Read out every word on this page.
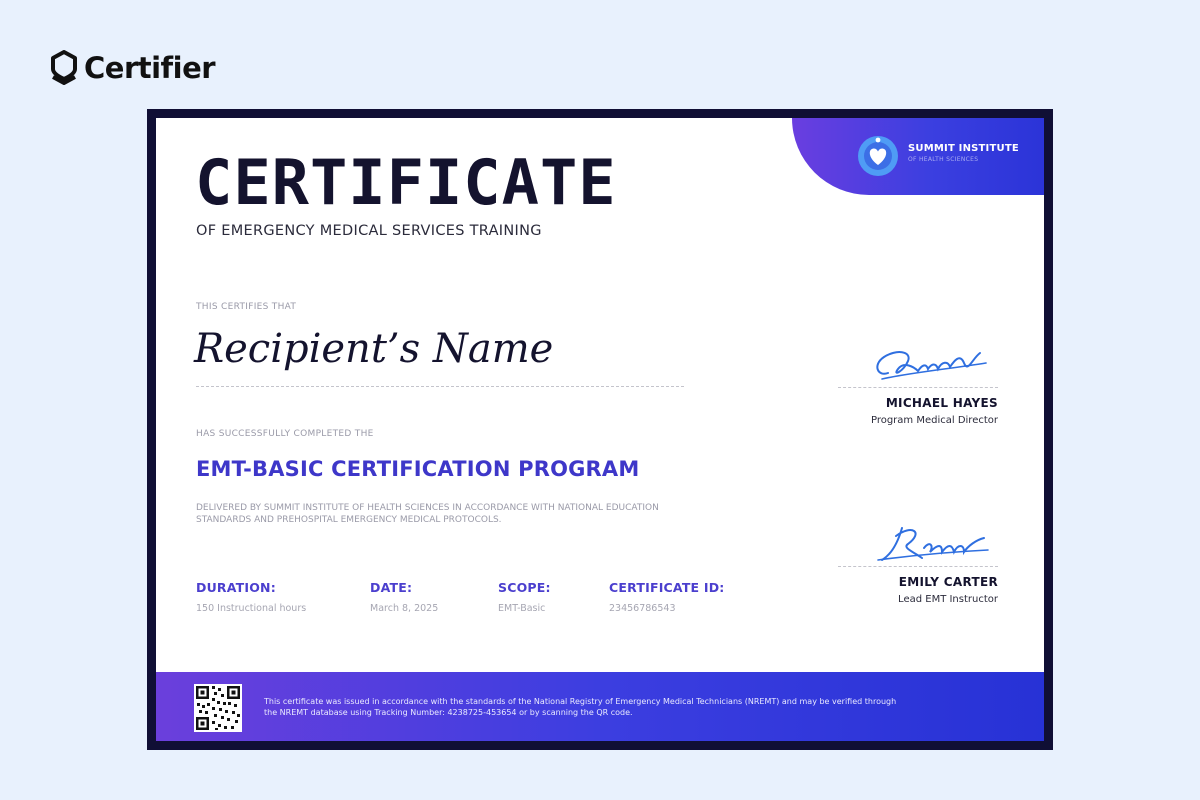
Certifier
SUMMIT INSTITUTE
OF HEALTH SCIENCES
CERTIFICATE
OF EMERGENCY MEDICAL SERVICES TRAINING
THIS CERTIFIES THAT
Recipient’s Name
HAS SUCCESSFULLY COMPLETED THE
EMT-BASIC CERTIFICATION PROGRAM
DELIVERED BY SUMMIT INSTITUTE OF HEALTH SCIENCES IN ACCORDANCE WITH NATIONAL EDUCATION STANDARDS AND PREHOSPITAL EMERGENCY MEDICAL PROTOCOLS.
DURATION:
150 Instructional hours
DATE:
March 8, 2025
SCOPE:
EMT-Basic
CERTIFICATE ID:
23456786543
MICHAEL HAYES
Program Medical Director
EMILY CARTER
Lead EMT Instructor
This certificate was issued in accordance with the standards of the National Registry of Emergency Medical Technicians (NREMT) and may be verified through the NREMT database using Tracking Number: 4238725-453654 or by scanning the QR code.
